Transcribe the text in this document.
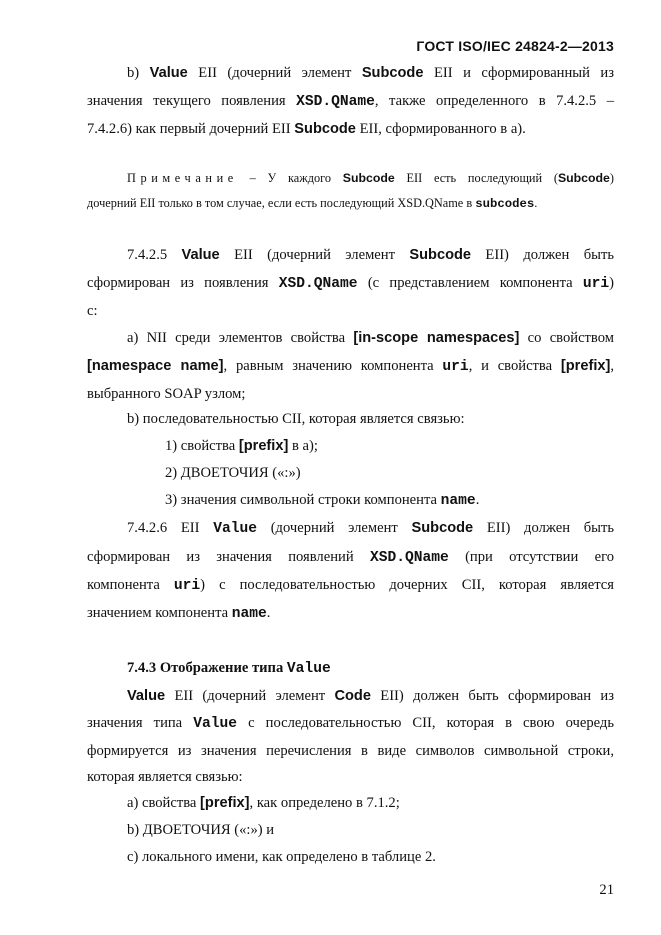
ГОСТ ISO/IEC 24824-2—2013
b) Value EII (дочерний элемент Subcode EII и сформированный из
значения текущего появления XSD.QName, также определенного в 7.4.2.5 –
7.4.2.6) как первый дочерний EII Subcode EII, сформированного в а).
Примечание – У каждого Subcode EII есть последующий (Subcode)
дочерний EII только в том случае, если есть последующий XSD.QName в subcodes.
7.4.2.5 Value EII (дочерний элемент Subcode EII) должен быть
сформирован из появления XSD.QName (с представлением компонента uri)
с:
а) NII среди элементов свойства [in-scope namespaces] со свойством
[namespace name], равным значению компонента uri, и свойства [prefix],
выбранного SOAP узлом;
b) последовательностью CII, которая является связью:
1) свойства [prefix] в а);
2) ДВОЕТОЧИЯ («:»)
3) значения символьной строки компонента name.
7.4.2.6 EII Value (дочерний элемент Subcode EII) должен быть
сформирован из значения появлений XSD.QName (при отсутствии его
компонента uri) с последовательностью дочерних CII, которая является
значением компонента name.
7.4.3 Отображение типа Value
Value EII (дочерний элемент Code EII) должен быть сформирован из
значения типа Value с последовательностью CII, которая в свою очередь
формируется из значения перечисления в виде символов символьной строки,
которая является связью:
а) свойства [prefix], как определено в 7.1.2;
b) ДВОЕТОЧИЯ («:») и
c) локального имени, как определено в таблице 2.
21
